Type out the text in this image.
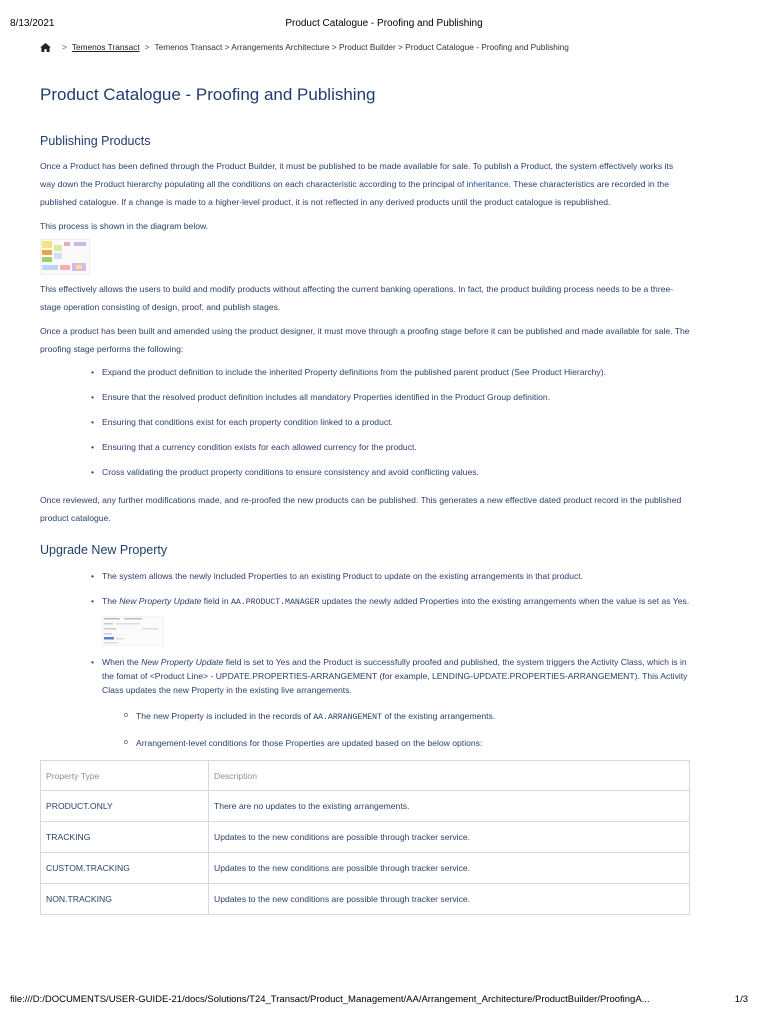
8/13/2021	Product Catalogue - Proofing and Publishing
> Temenos Transact > Temenos Transact > Arrangements Architecture > Product Builder > Product Catalogue - Proofing and Publishing
Product Catalogue - Proofing and Publishing
Publishing Products

Once a Product has been defined through the Product Builder, it must be published to be made available for sale. To publish a Product, the system effectively works its way down the Product hierarchy populating all the conditions on each characteristic according to the principal of inheritance. These characteristics are recorded in the published catalogue. If a change is made to a higher-level product, it is not reflected in any derived products until the product catalogue is republished.

This process is shown in the diagram below.

This effectively allows the users to build and modify products without affecting the current banking operations. In fact, the product building process needs to be a three-stage operation consisting of design, proof, and publish stages.

Once a product has been built and amended using the product designer, it must move through a proofing stage before it can be published and made available for sale. The proofing stage performs the following:

• Expand the product definition to include the inherited Property definitions from the published parent product (See Product Hierarchy).
• Ensure that the resolved product definition includes all mandatory Properties identified in the Product Group definition.
• Ensuring that conditions exist for each property condition linked to a product.
• Ensuring that a currency condition exists for each allowed currency for the product.
• Cross validating the product property conditions to ensure consistency and avoid conflicting values.

Once reviewed, any further modifications made, and re-proofed the new products can be published. This generates a new effective dated product record in the published product catalogue.

Upgrade New Property
• The system allows the newly included Properties to an existing Product to update on the existing arrangements in that product.
• The New Property Update field in AA.PRODUCT.MANAGER updates the newly added Properties into the existing arrangements when the value is set as Yes.
• When the New Property Update field is set to Yes and the Product is successfully proofed and published, the system triggers the Activity Class, which is in the fomat of <Product Line> - UPDATE.PROPERTIES-ARRANGEMENT (for example, LENDING-UPDATE.PROPERTIES-ARRANGEMENT). This Activity Class updates the new Property in the existing live arrangements.
o The new Property is included in the records of AA.ARRANGEMENT of the existing arrangements.
o Arrangement-level conditions for those Properties are updated based on the below options:
Property Type	Description
PRODUCT.ONLY	There are no updates to the existing arrangements.
TRACKING	Updates to the new conditions are possible through tracker service.
CUSTOM.TRACKING	Updates to the new conditions are possible through tracker service.
NON.TRACKING	Updates to the new conditions are possible through tracker service.
file:///D:/DOCUMENTS/USER-GUIDE-21/docs/Solutions/T24_Transact/Product_Management/AA/Arrangement_Architecture/ProductBuilder/ProofingA...	1/3
